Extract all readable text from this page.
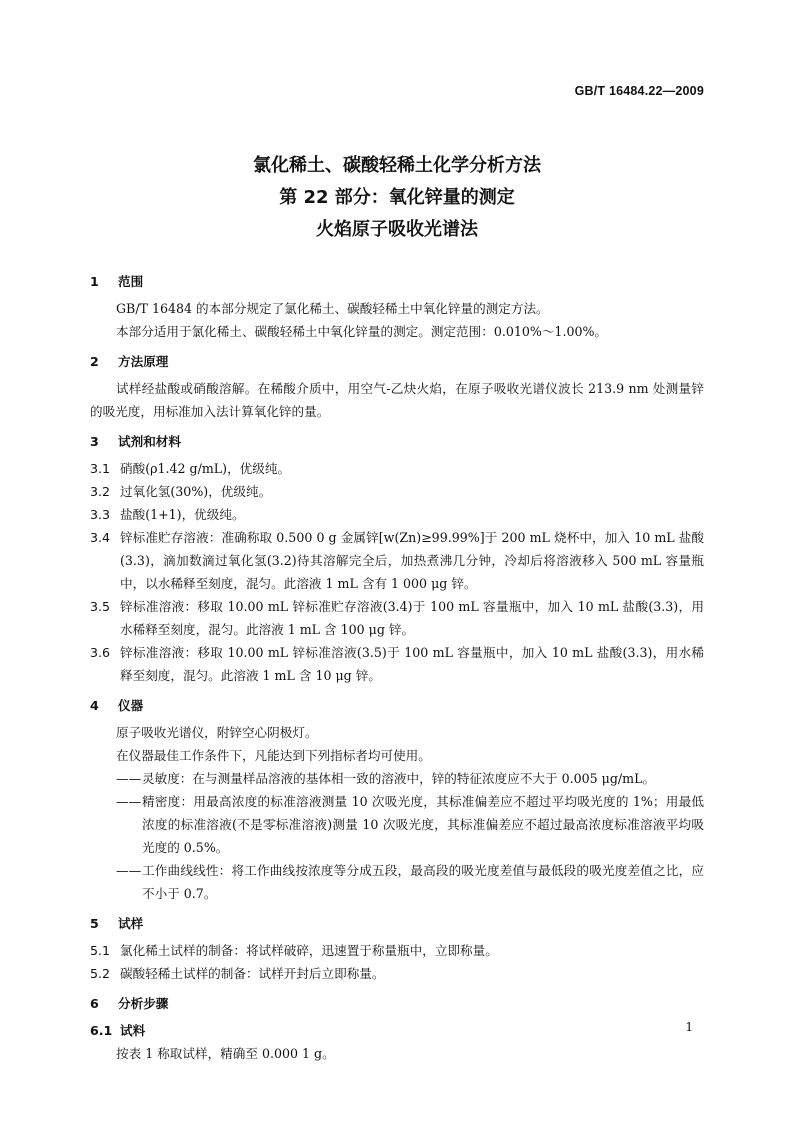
GB/T 16484.22—2009
氯化稀土、碳酸轻稀土化学分析方法
第 22 部分：氧化锌量的测定
火焰原子吸收光谱法
1	范围
GB/T 16484 的本部分规定了氯化稀土、碳酸轻稀土中氧化锌量的测定方法。
本部分适用于氯化稀土、碳酸轻稀土中氧化锌量的测定。测定范围：0.010%～1.00%。
2	方法原理
试样经盐酸或硝酸溶解。在稀酸介质中，用空气-乙炔火焰，在原子吸收光谱仪波长 213.9 nm 处测量锌的吸光度，用标准加入法计算氧化锌的量。
3	试剂和材料
3.1 硝酸(ρ1.42 g/mL)，优级纯。
3.2 过氧化氢(30%)，优级纯。
3.3 盐酸(1+1)，优级纯。
3.4 锌标准贮存溶液：准确称取 0.500 0 g 金属锌[w(Zn)≥99.99%]于 200 mL 烧杯中，加入 10 mL 盐酸(3.3)，滴加数滴过氧化氢(3.2)待其溶解完全后，加热煮沸几分钟，冷却后将溶液移入 500 mL 容量瓶中，以水稀释至刻度，混匀。此溶液 1 mL 含有 1 000 μg 锌。
3.5 锌标准溶液：移取 10.00 mL 锌标准贮存溶液(3.4)于 100 mL 容量瓶中，加入 10 mL 盐酸(3.3)，用水稀释至刻度，混匀。此溶液 1 mL 含 100 μg 锌。
3.6 锌标准溶液：移取 10.00 mL 锌标准溶液(3.5)于 100 mL 容量瓶中，加入 10 mL 盐酸(3.3)，用水稀释至刻度，混匀。此溶液 1 mL 含 10 μg 锌。
4	仪器
原子吸收光谱仪，附锌空心阴极灯。
在仪器最佳工作条件下，凡能达到下列指标者均可使用。
—— 灵敏度：在与测量样品溶液的基体相一致的溶液中，锌的特征浓度应不大于 0.005 μg/mL。
—— 精密度：用最高浓度的标准溶液测量 10 次吸光度，其标准偏差应不超过平均吸光度的 1%；用最低浓度的标准溶液(不是零标准溶液)测量 10 次吸光度，其标准偏差应不超过最高浓度标准溶液平均吸光度的 0.5%。
—— 工作曲线线性：将工作曲线按浓度等分成五段，最高段的吸光度差值与最低段的吸光度差值之比，应不小于 0.7。
5	试样
5.1 氯化稀土试样的制备：将试样破碎，迅速置于称量瓶中，立即称量。
5.2 碳酸轻稀土试样的制备：试样开封后立即称量。
6	分析步骤
6.1 试料
按表 1 称取试样，精确至 0.000 1 g。
1
